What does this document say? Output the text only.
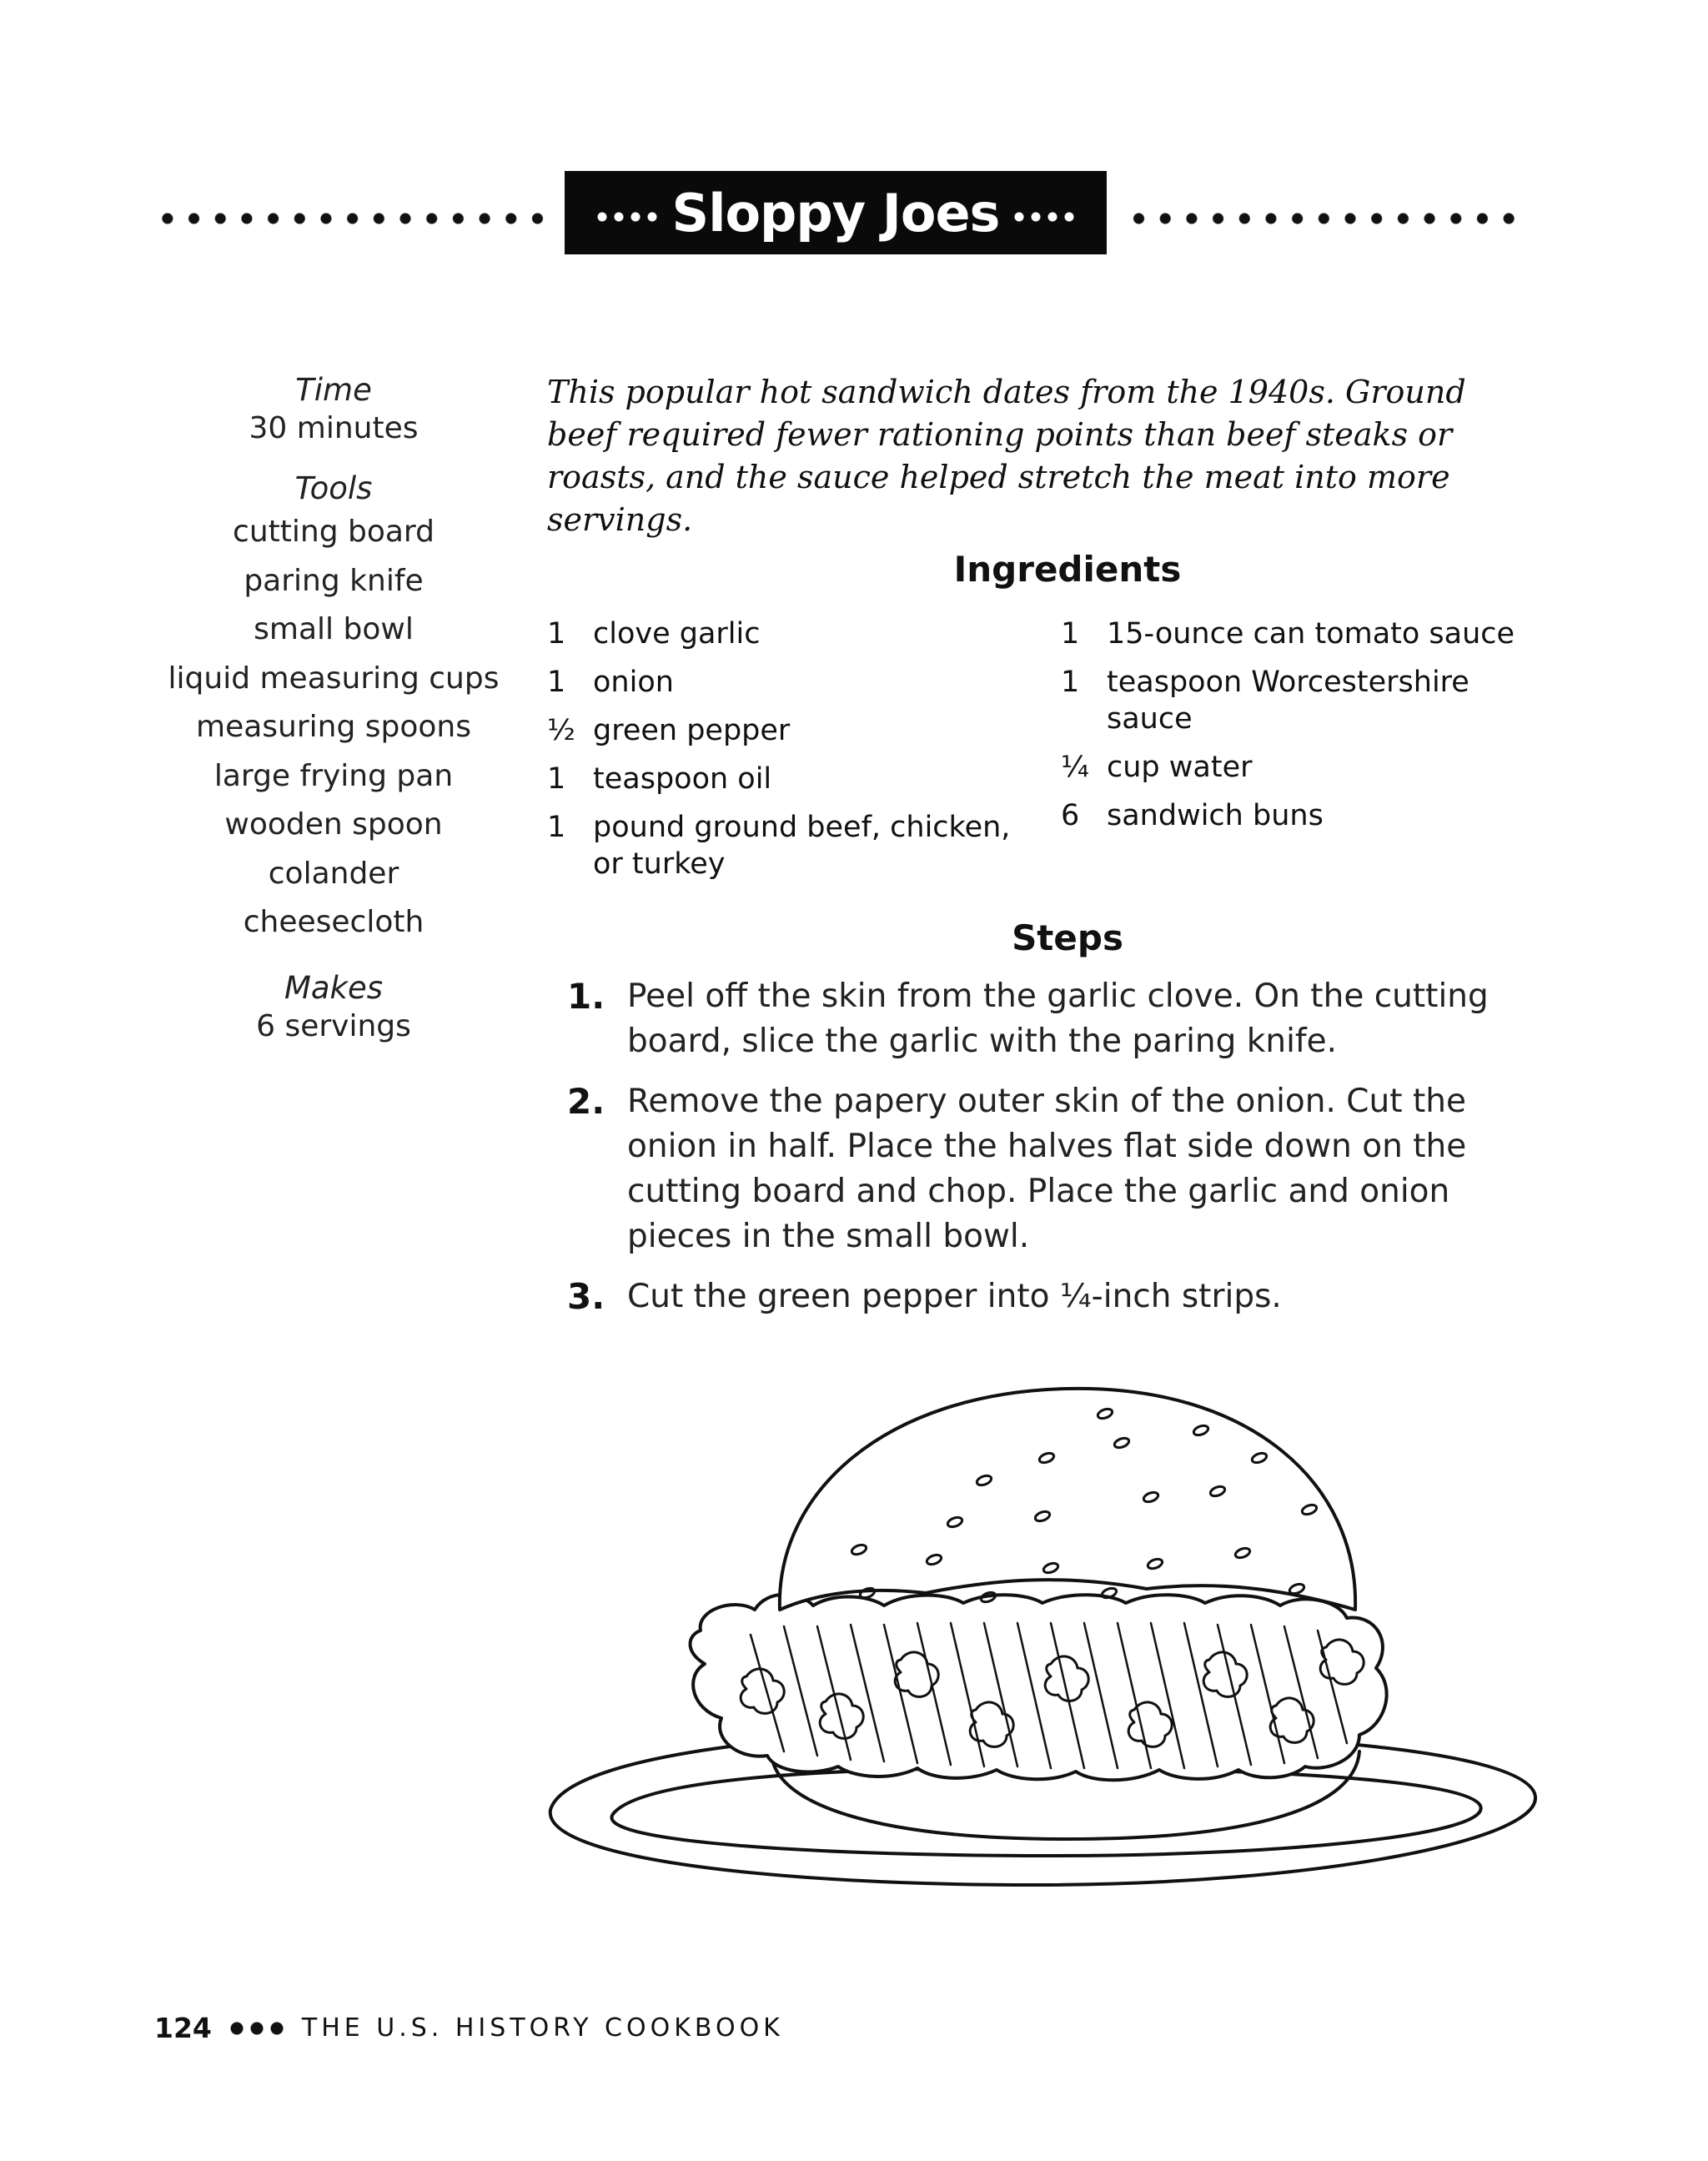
Sloppy Joes
Time
30 minutes
Tools
cutting board
paring knife
small bowl
liquid measuring cups
measuring spoons
large frying pan
wooden spoon
colander
cheesecloth
Makes
6 servings
This popular hot sandwich dates from the 1940s. Ground beef required fewer rationing points than beef steaks or roasts, and the sauce helped stretch the meat into more servings.
Ingredients
1 clove garlic
1 onion
½ green pepper
1 teaspoon oil
1 pound ground beef, chicken, or turkey
1 15-ounce can tomato sauce
1 teaspoon Worcestershire sauce
¼ cup water
6 sandwich buns
Steps
1. Peel off the skin from the garlic clove. On the cutting board, slice the garlic with the paring knife.
2. Remove the papery outer skin of the onion. Cut the onion in half. Place the halves flat side down on the cutting board and chop. Place the garlic and onion pieces in the small bowl.
3. Cut the green pepper into ¼-inch strips.
124	THE U.S. HISTORY COOKBOOK
